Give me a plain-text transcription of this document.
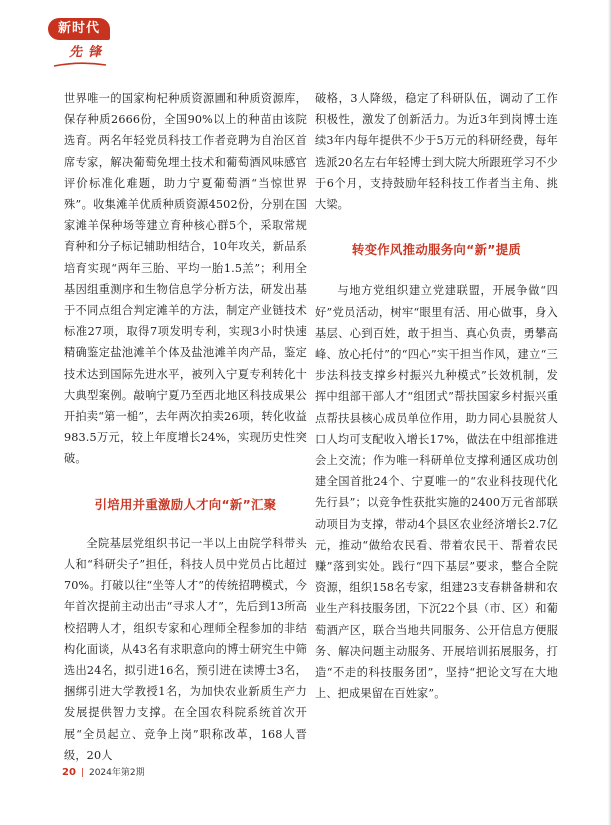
新时代
先锋

世界唯一的国家枸杞种质资源圃和种质资源库，保存种质2666份，全国90%以上的种苗由该院选育。两名年轻党员科技工作者竞聘为自治区首席专家，解决葡萄免埋土技术和葡萄酒风味感官评价标准化难题，助力宁夏葡萄酒“当惊世界殊”。收集滩羊优质种质资源4502份，分别在国家滩羊保种场等建立育种核心群5个，采取常规育种和分子标记辅助相结合，10年攻关，新品系培育实现“两年三胎、平均一胎1.5羔”；利用全基因组重测序和生物信息学分析方法，研发出基于不同点组合判定滩羊的方法，制定产业链技术标准27项，取得7项发明专利，实现3小时快速精确鉴定盐池滩羊个体及盐池滩羊肉产品，鉴定技术达到国际先进水平，被列入宁夏专利转化十大典型案例。敲响宁夏乃至西北地区科技成果公开拍卖“第一槌”，去年两次拍卖26项，转化收益983.5万元，较上年度增长24%，实现历史性突破。

引培用并重激励人才向“新”汇聚

全院基层党组织书记一半以上由院学科带头人和“科研尖子”担任，科技人员中党员占比超过70%。打破以往“坐等人才”的传统招聘模式，今年首次提前主动出击“寻求人才”，先后到13所高校招聘人才，组织专家和心理师全程参加的非结构化面谈，从43名有求职意向的博士研究生中筛选出24名，拟引进16名，预引进在读博士3名，捆绑引进大学教授1名，为加快农业新质生产力发展提供智力支撑。在全国农科院系统首次开展“全员起立、竞争上岗”职称改革，168人晋级，20人

破格，3人降级，稳定了科研队伍，调动了工作积极性，激发了创新活力。为近3年到岗博士连续3年内每年提供不少于5万元的科研经费，每年选派20名左右年轻博士到大院大所跟班学习不少于6个月，支持鼓励年轻科技工作者当主角、挑大梁。

转变作风推动服务向“新”提质

与地方党组织建立党建联盟，开展争做“四好”党员活动，树牢“眼里有活、用心做事，身入基层、心到百姓，敢于担当、真心负责，勇攀高峰、放心托付”的“四心”实干担当作风，建立“三步法科技支撑乡村振兴九种模式”长效机制，发挥中组部干部人才“组团式”帮扶国家乡村振兴重点帮扶县核心成员单位作用，助力同心县脱贫人口人均可支配收入增长17%，做法在中组部推进会上交流；作为唯一科研单位支撑利通区成功创建全国首批24个、宁夏唯一的“农业科技现代化先行县”；以竞争性获批实施的2400万元省部联动项目为支撑，带动4个县区农业经济增长2.7亿元，推动“做给农民看、带着农民干、帮着农民赚”落到实处。践行“四下基层”要求，整合全院资源，组织158名专家，组建23支春耕备耕和农业生产科技服务团，下沉22个县（市、区）和葡萄酒产区，联合当地共同服务、公开信息方便服务、解决问题主动服务、开展培训拓展服务，打造“不走的科技服务团”，坚持“把论文写在大地上、把成果留在百姓家”。

20 | 2024年第2期
